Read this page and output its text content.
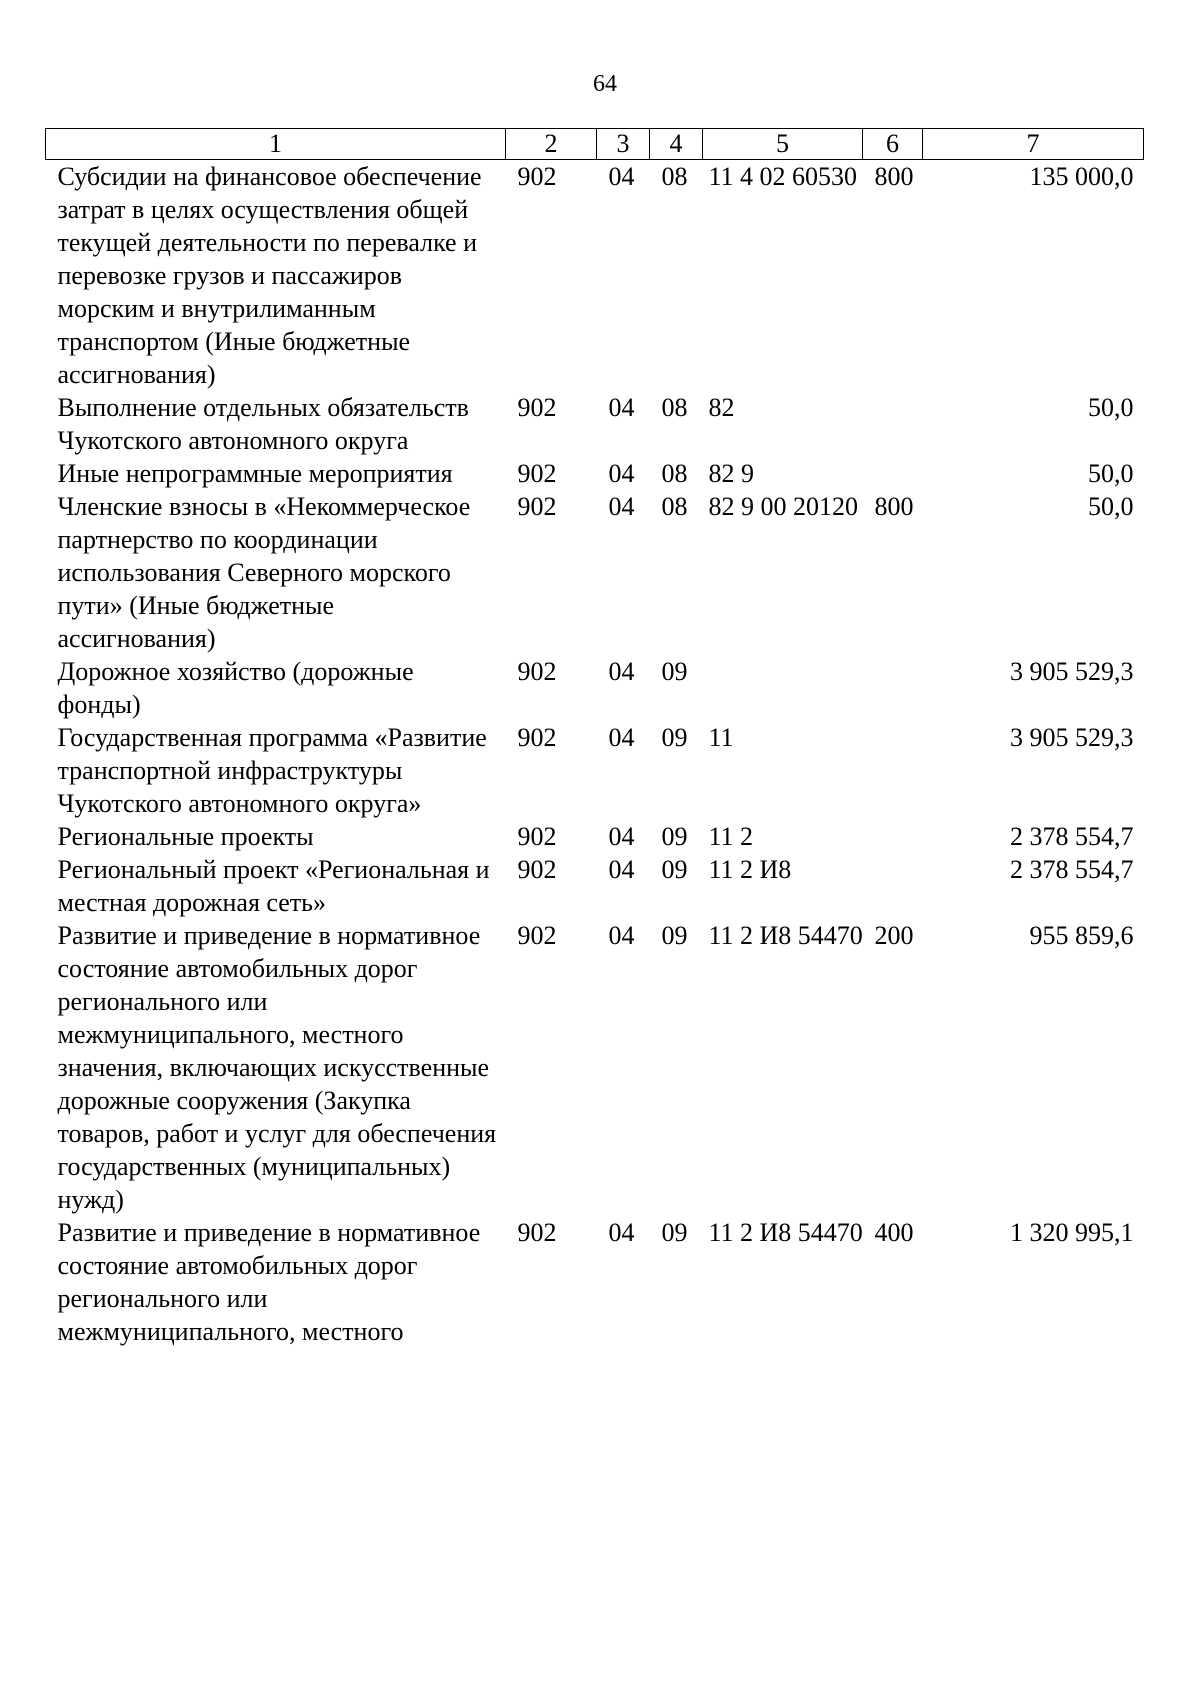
64
1	2	3	4	5	6	7
Субсидии на финансовое обеспечение затрат в целях осуществления общей текущей деятельности по перевалке и перевозке грузов и пассажиров морским и внутрилиманным транспортом (Иные бюджетные ассигнования)	902	04	08	11 4 02 60530	800	135 000,0
Выполнение отдельных обязательств Чукотского автономного округа	902	04	08	82		50,0
Иные непрограммные мероприятия	902	04	08	82 9		50,0
Членские взносы в «Некоммерческое партнерство по координации использования Северного морского пути» (Иные бюджетные ассигнования)	902	04	08	82 9 00 20120	800	50,0
Дорожное хозяйство (дорожные фонды)	902	04	09			3 905 529,3
Государственная программа «Развитие транспортной инфраструктуры Чукотского автономного округа»	902	04	09	11		3 905 529,3
Региональные проекты	902	04	09	11 2		2 378 554,7
Региональный проект «Региональная и местная дорожная сеть»	902	04	09	11 2 И8		2 378 554,7
Развитие и приведение в нормативное состояние автомобильных дорог регионального или межмуниципального, местного значения, включающих искусственные дорожные сооружения (Закупка товаров, работ и услуг для обеспечения государственных (муниципальных) нужд)	902	04	09	11 2 И8 54470	200	955 859,6
Развитие и приведение в нормативное состояние автомобильных дорог регионального или межмуниципального, местного	902	04	09	11 2 И8 54470	400	1 320 995,1
